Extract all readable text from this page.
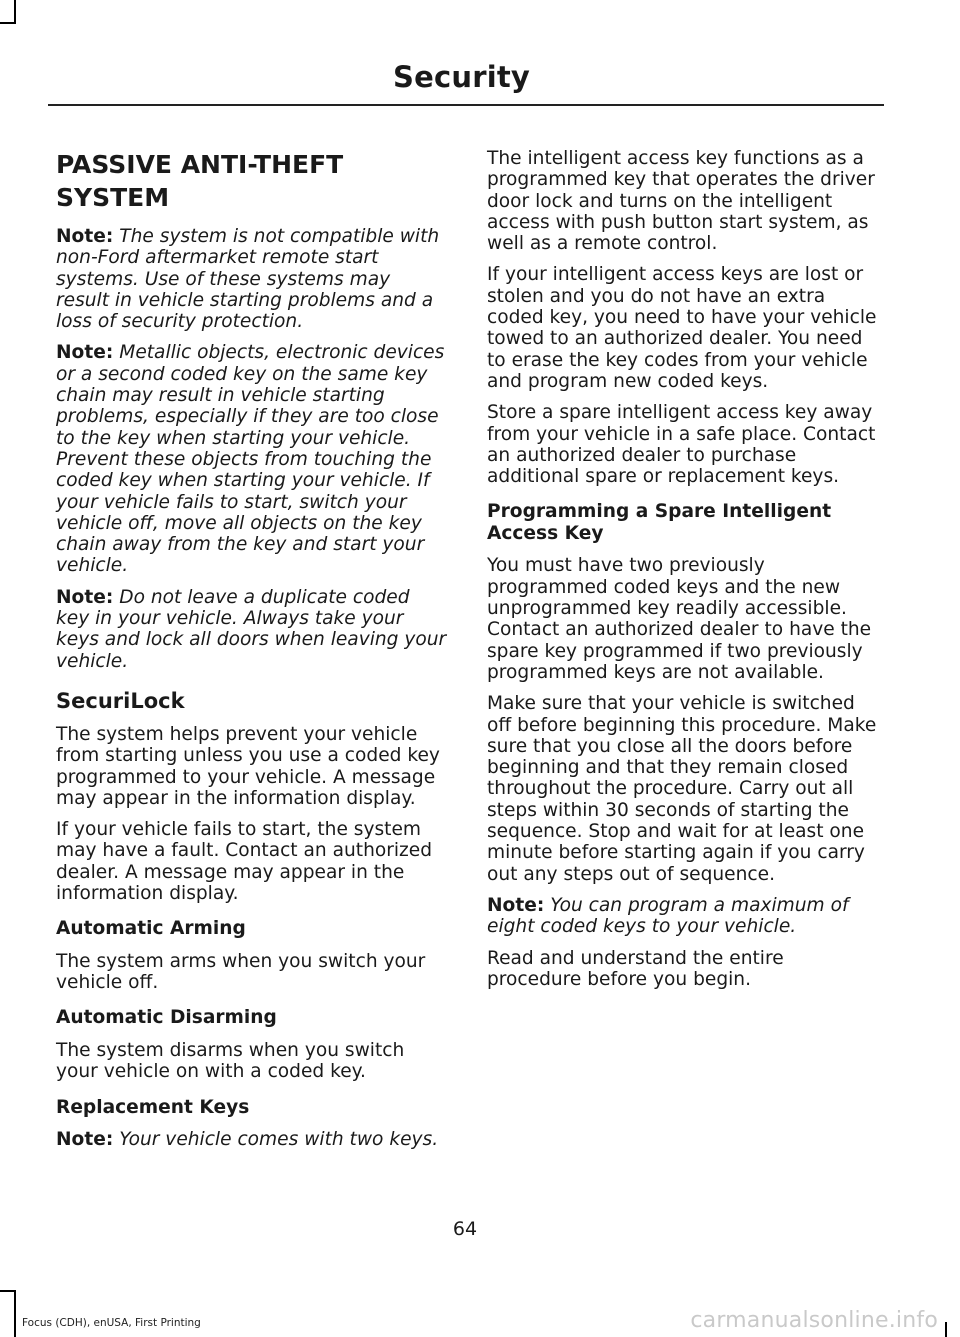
Security
PASSIVE ANTI-THEFT SYSTEM
Note: The system is not compatible with non-Ford aftermarket remote start systems. Use of these systems may result in vehicle starting problems and a loss of security protection.
Note: Metallic objects, electronic devices or a second coded key on the same key chain may result in vehicle starting problems, especially if they are too close to the key when starting your vehicle. Prevent these objects from touching the coded key when starting your vehicle. If your vehicle fails to start, switch your vehicle off, move all objects on the key chain away from the key and start your vehicle.
Note: Do not leave a duplicate coded key in your vehicle. Always take your keys and lock all doors when leaving your vehicle.
SecuriLock
The system helps prevent your vehicle from starting unless you use a coded key programmed to your vehicle. A message may appear in the information display.
If your vehicle fails to start, the system may have a fault. Contact an authorized dealer. A message may appear in the information display.
Automatic Arming
The system arms when you switch your vehicle off.
Automatic Disarming
The system disarms when you switch your vehicle on with a coded key.
Replacement Keys
Note: Your vehicle comes with two keys.
The intelligent access key functions as a programmed key that operates the driver door lock and turns on the intelligent access with push button start system, as well as a remote control.
If your intelligent access keys are lost or stolen and you do not have an extra coded key, you need to have your vehicle towed to an authorized dealer. You need to erase the key codes from your vehicle and program new coded keys.
Store a spare intelligent access key away from your vehicle in a safe place. Contact an authorized dealer to purchase additional spare or replacement keys.
Programming a Spare Intelligent Access Key
You must have two previously programmed coded keys and the new unprogrammed key readily accessible. Contact an authorized dealer to have the spare key programmed if two previously programmed keys are not available.
Make sure that your vehicle is switched off before beginning this procedure. Make sure that you close all the doors before beginning and that they remain closed throughout the procedure. Carry out all steps within 30 seconds of starting the sequence. Stop and wait for at least one minute before starting again if you carry out any steps out of sequence.
Note: You can program a maximum of eight coded keys to your vehicle.
Read and understand the entire procedure before you begin.
64
Focus (CDH), enUSA, First Printing	carmanualsonline.info
